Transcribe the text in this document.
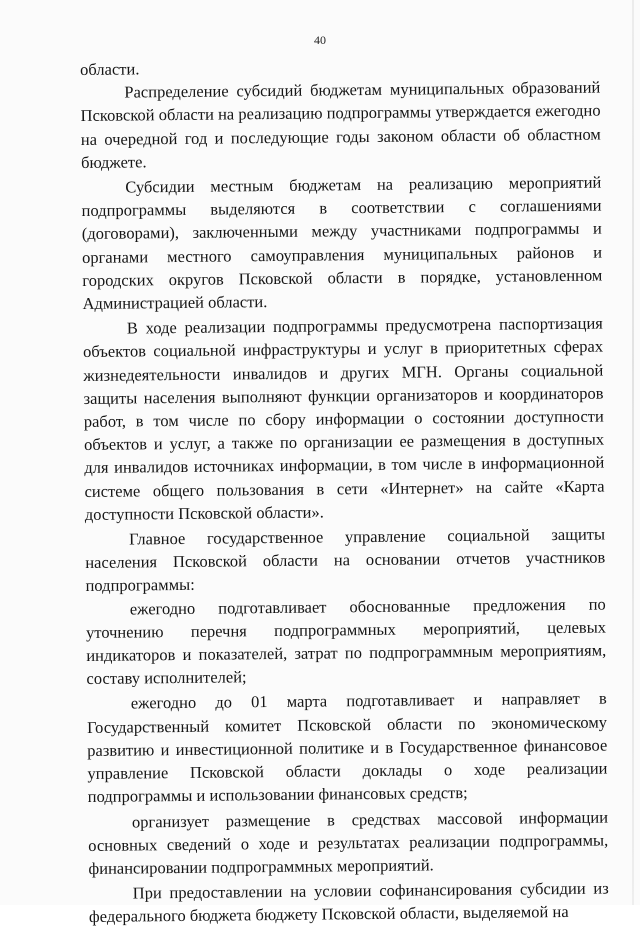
40

области.

Распределение субсидий бюджетам муниципальных образований Псковской области на реализацию подпрограммы утверждается ежегодно на очередной год и последующие годы законом области об областном бюджете.

Субсидии местным бюджетам на реализацию мероприятий подпрограммы выделяются в соответствии с соглашениями (договорами), заключенными между участниками подпрограммы и органами местного самоуправления муниципальных районов и городских округов Псковской области в порядке, установленном Администрацией области.

В ходе реализации подпрограммы предусмотрена паспортизация объектов социальной инфраструктуры и услуг в приоритетных сферах жизнедеятельности инвалидов и других МГН. Органы социальной защиты населения выполняют функции организаторов и координаторов работ, в том числе по сбору информации о состоянии доступности объектов и услуг, а также по организации ее размещения в доступных для инвалидов источниках информации, в том числе в информационной системе общего пользования в сети «Интернет» на сайте «Карта доступности Псковской области».

Главное государственное управление социальной защиты населения Псковской области на основании отчетов участников подпрограммы:

ежегодно подготавливает обоснованные предложения по уточнению перечня подпрограммных мероприятий, целевых индикаторов и показателей, затрат по подпрограммным мероприятиям, составу исполнителей;

ежегодно до 01 марта подготавливает и направляет в Государственный комитет Псковской области по экономическому развитию и инвестиционной политике и в Государственное финансовое управление Псковской области доклады о ходе реализации подпрограммы и использовании финансовых средств;

организует размещение в средствах массовой информации основных сведений о ходе и результатах реализации подпрограммы, финансировании подпрограммных мероприятий.

При предоставлении на условии софинансирования субсидии из федерального бюджета бюджету Псковской области, выделяемой на
